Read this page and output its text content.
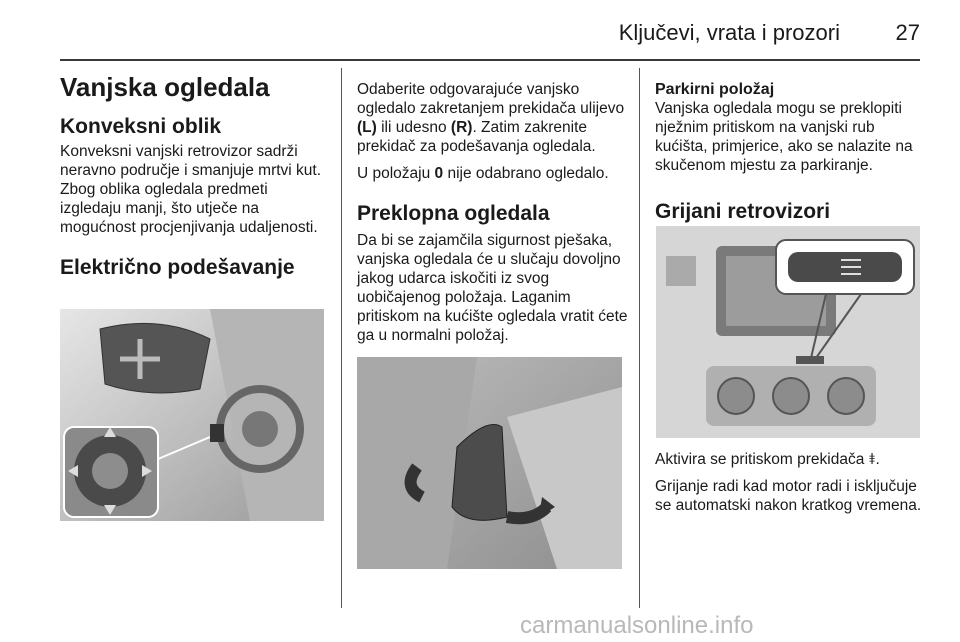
Ključevi, vrata i prozori	27
Vanjska ogledala
Konveksni oblik

Konveksni vanjski retrovizor sadrži neravno područje i smanjuje mrtvi kut. Zbog oblika ogledala predmeti izgledaju manji, što utječe na mogućnost procjenjivanja udaljenosti.

Električno podešavanje

Odaberite odgovarajuće vanjsko ogledalo zakretanjem prekidača ulijevo (L) ili udesno (R). Zatim zakrenite prekidač za podešavanja ogledala.

U položaju 0 nije odabrano ogledalo.

Preklopna ogledala

Da bi se zajamčila sigurnost pješaka, vanjska ogledala će u slučaju dovoljno jakog udarca iskočiti iz svog uobičajenog položaja. Laganim pritiskom na kućište ogledala vratit ćete ga u normalni položaj.

Parkirni položaj

Vanjska ogledala mogu se preklopiti nježnim pritiskom na vanjski rub kućišta, primjerice, ako se nalazite na skučenom mjestu za parkiranje.

Grijani retrovizori

Aktivira se pritiskom prekidača ⯒.

Grijanje radi kad motor radi i isključuje se automatski nakon kratkog vremena.

carmanualsonline.info
